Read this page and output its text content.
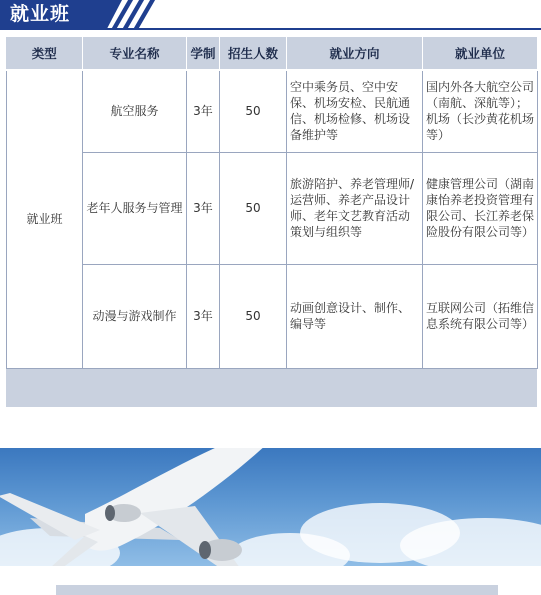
就业班
类型	专业名称	学制	招生人数	就业方向	就业单位
就业班	航空服务	3年	50	空中乘务员、空中安保、机场安检、民航通信、机场检修、机场设备维护等	国内外各大航空公司（南航、深航等）；机场（长沙黄花机场等）
	老年人服务与管理	3年	50	旅游陪护、养老管理师/运营师、养老产品设计师、老年文艺教育活动策划与组织等	健康管理公司（湖南康怡养老投资管理有限公司、长江养老保险股份有限公司等）
	动漫与游戏制作	3年	50	动画创意设计、制作、编导等	互联网公司（拓维信息系统有限公司等）
